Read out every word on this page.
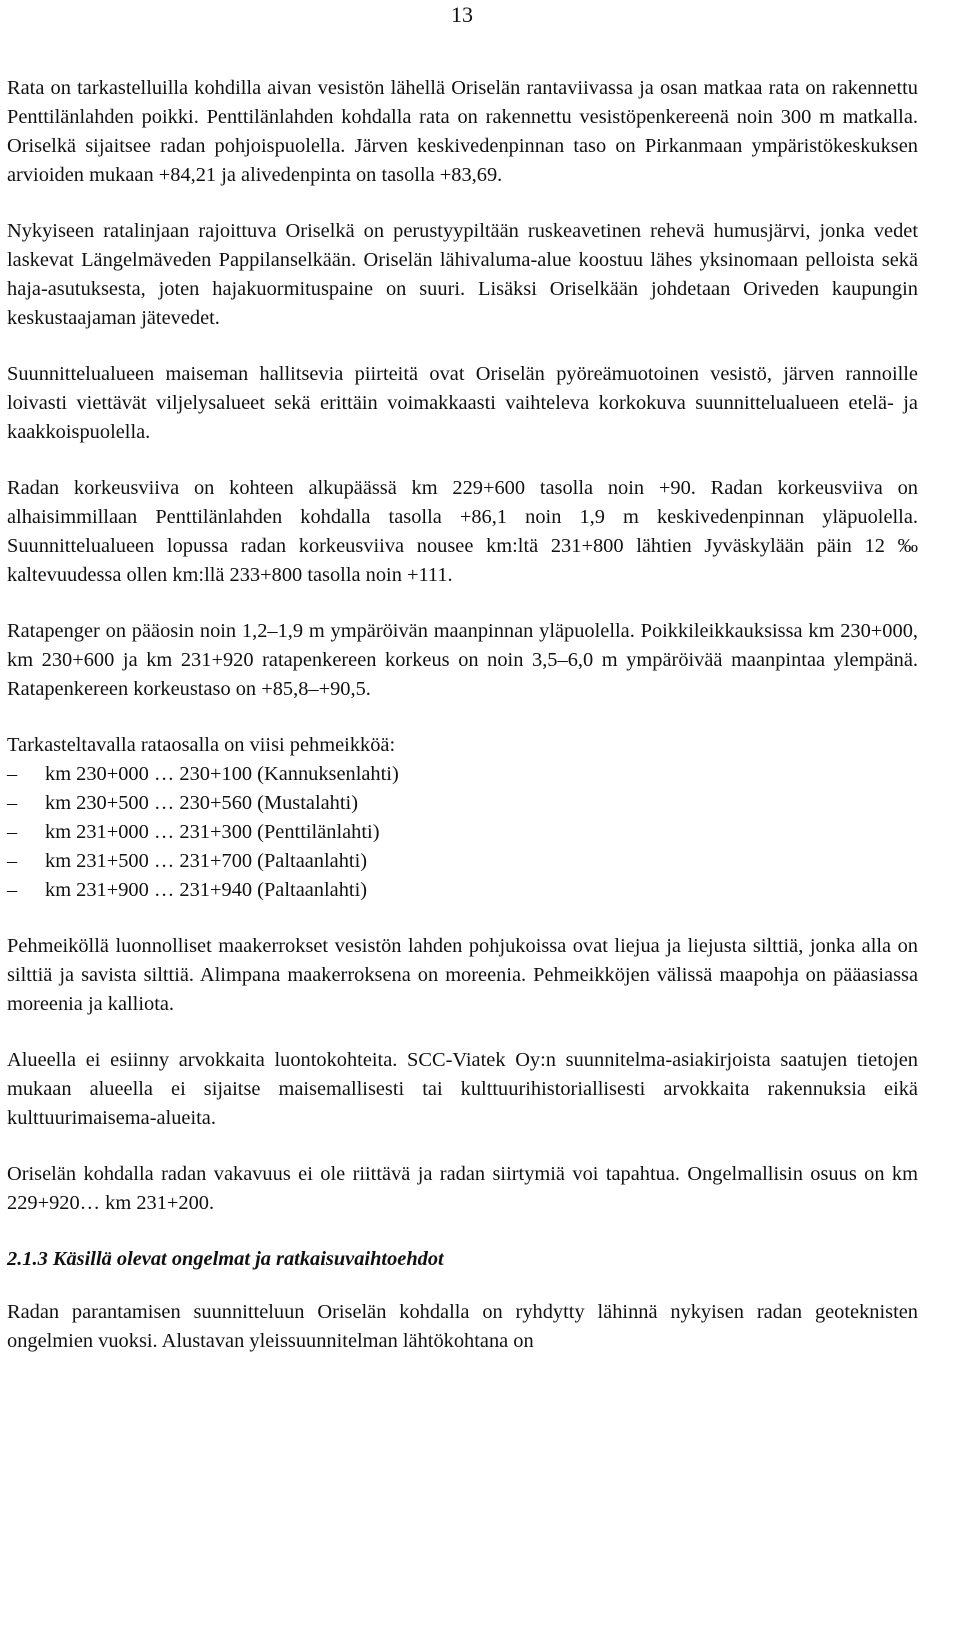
13

Rata on tarkastelluilla kohdilla aivan vesistön lähellä Oriselän rantaviivassa ja osan matkaa rata on rakennettu Penttilänlahden poikki. Penttilänlahden kohdalla rata on rakennettu vesistöpenkereenä noin 300 m matkalla. Oriselkä sijaitsee radan pohjoispuolella. Järven keskivedenpinnan taso on Pirkanmaan ympäristökeskuksen arvioiden mukaan +84,21 ja alivedenpinta on tasolla +83,69.

Nykyiseen ratalinjaan rajoittuva Oriselkä on perustyypiltään ruskeavetinen rehevä humusjärvi, jonka vedet laskevat Längelmäveden Pappilanselkään. Oriselän lähivaluma-alue koostuu lähes yksinomaan pelloista sekä haja-asutuksesta, joten hajakuormituspaine on suuri. Lisäksi Oriselkään johdetaan Oriveden kaupungin keskustaajaman jätevedet.

Suunnittelualueen maiseman hallitsevia piirteitä ovat Oriselän pyöreämuotoinen vesistö, järven rannoille loivasti viettävät viljelysalueet sekä erittäin voimakkaasti vaihteleva korkokuva suunnittelualueen etelä- ja kaakkoispuolella.

Radan korkeusviiva on kohteen alkupäässä km 229+600 tasolla noin +90. Radan korkeusviiva on alhaisimmillaan Penttilänlahden kohdalla tasolla +86,1 noin 1,9 m keskivedenpinnan yläpuolella. Suunnittelualueen lopussa radan korkeusviiva nousee km:ltä 231+800 lähtien Jyväskylään päin 12 ‰ kaltevuudessa ollen km:llä 233+800 tasolla noin +111.

Ratapenger on pääosin noin 1,2–1,9 m ympäröivän maanpinnan yläpuolella. Poikkileikkauksissa km 230+000, km 230+600 ja km 231+920 ratapenkereen korkeus on noin 3,5–6,0 m ympäröivää maanpintaa ylempänä. Ratapenkereen korkeustaso on +85,8–+90,5.

Tarkasteltavalla rataosalla on viisi pehmeikköä:

–	km 230+000 … 230+100 (Kannuksenlahti)
–	km 230+500 … 230+560 (Mustalahti)
–	km 231+000 … 231+300 (Penttilänlahti)
–	km 231+500 … 231+700 (Paltaanlahti)
–	km 231+900 … 231+940 (Paltaanlahti)

Pehmeiköllä luonnolliset maakerrokset vesistön lahden pohjukoissa ovat liejua ja liejusta silttiä, jonka alla on silttiä ja savista silttiä. Alimpana maakerroksena on moreenia. Pehmeikköjen välissä maapohja on pääasiassa moreenia ja kalliota.

Alueella ei esiinny arvokkaita luontokohteita. SCC-Viatek Oy:n suunnitelma-asiakirjoista saatujen tietojen mukaan alueella ei sijaitse maisemallisesti tai kulttuurihistoriallisesti arvokkaita rakennuksia eikä kulttuurimaisema-alueita.

Oriselän kohdalla radan vakavuus ei ole riittävä ja radan siirtymiä voi tapahtua. Ongelmallisin osuus on km 229+920… km 231+200.

2.1.3 Käsillä olevat ongelmat ja ratkaisuvaihtoehdot

Radan parantamisen suunnitteluun Oriselän kohdalla on ryhdytty lähinnä nykyisen radan geoteknisten ongelmien vuoksi. Alustavan yleissuunnitelman lähtökohtana on
